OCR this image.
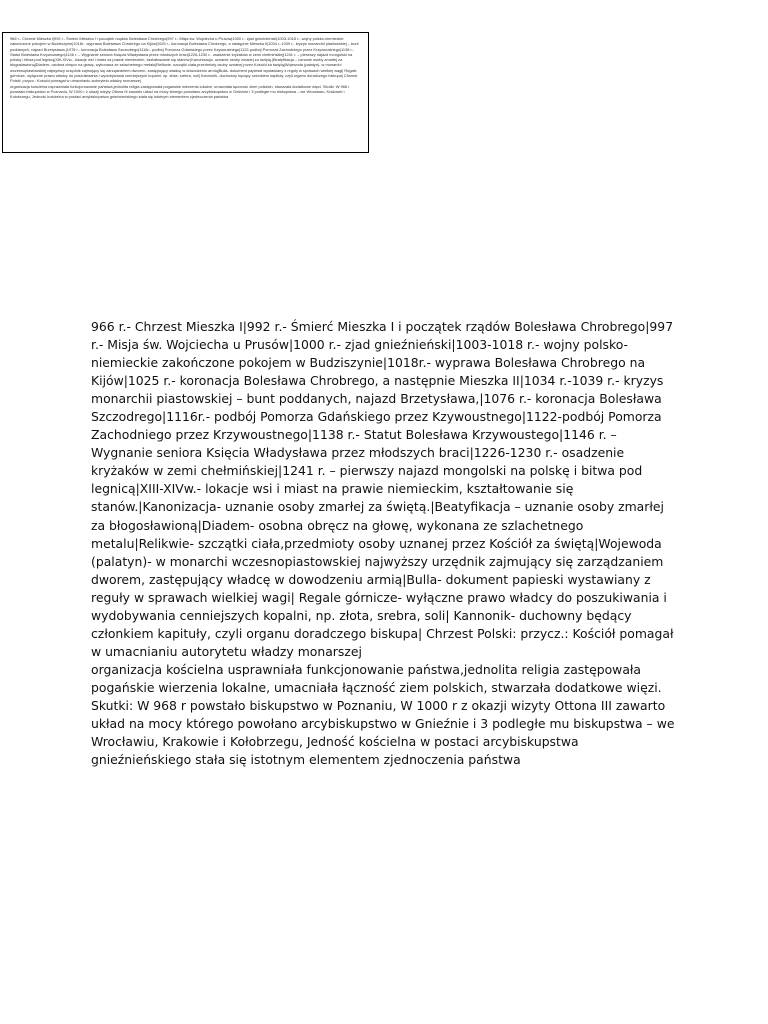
966 r.- Chrzest Mieszka I|992 r.- Śmierć Mieszka I i początek rządów Bolesława Chrobrego|997 r.- Misja św. Wojciecha u Prusów|1000 r.- zjad gnieźnieński|1003-1018 r.- wojny polsko-niemieckie zakończone pokojem w Budziszynie|1018r.- wyprawa Bolesława Chrobrego na Kijów|1025 r.- koronacja Bolesława Chrobrego, a następnie Mieszka II|1034 r.-1039 r.- kryzys monarchii piastowskiej – bunt poddanych, najazd Brzetysława,|1076 r.- koronacja Bolesława Szczodrego|1116r.- podbój Pomorza Gdańskiego przez Kzywoustnego|1122-podbój Pomorza Zachodniego przez Krzywoustnego|1138 r.- Statut Bolesława Krzywoustego|1146 r. – Wygnanie seniora Księcia Władysława przez młodszych braci|1226-1230 r.- osadzenie kryżaków w zemi chełmińskiej|1241 r. – pierwszy najazd mongolski na polskę i bitwa pod legnicą|XIII-XIVw.- lokacje wsi i miast na prawie niemieckim, kształtowanie się stanów.|Kanonizacja- uznanie osoby zmarłej za świętą.|Beatyfikacja – uznanie osoby zmarłej za błogosławioną|Diadem- osobna obręcz na głowę, wykonana ze szlachetnego metalu|Relikwie- szczątki ciała,przedmioty osoby uznanej przez Kościół za świętą|Wojewoda (palatyn)- w monarchi wczesnopiastowskiej najwyższy urzędnik zajmujący się zarządzaniem dworem, zastępujący władcę w dowodzeniu armią|Bulla- dokument papieski wystawiany z reguły w sprawach wielkiej wagi| Regale górnicze- wyłączne prawo władcy do poszukiwania i wydobywania cenniejszych kopalni, np. złota, srebra, soli| Kannonik- duchowny będący członkiem kapituły, czyli organu doradczego biskupa| Chrzest Polski: przycz.: Kościół pomagał w umacnianiu autorytetu władzy monarszej

organizacja kościelna usprawniała funkcjonowanie państwa,jednolita religia zastępowała pogańskie wierzenia lokalne, umacniała łączność ziem polskich, stwarzała dodatkowe więzi. Skutki: W 968 r powstało biskupstwo w Poznaniu, W 1000 r z okazji wizyty Ottona III zawarto układ na mocy którego powołano arcybiskupstwo w Gnieźnie i 3 podległe mu biskupstwa – we Wrocławiu, Krakowie i Kołobrzegu, Jedność kościelna w postaci arcybiskupstwa gnieźnieńskiego stała się istotnym elementem zjednoczenia państwa

966 r.- Chrzest Mieszka I|992 r.- Śmierć Mieszka I i początek rządów Bolesława Chrobrego|997 r.- Misja św. Wojciecha u Prusów|1000 r.- zjad gnieźnieński|1003-1018 r.- wojny polsko-niemieckie zakończone pokojem w Budziszynie|1018r.- wyprawa Bolesława Chrobrego na Kijów|1025 r.- koronacja Bolesława Chrobrego, a następnie Mieszka II|1034 r.-1039 r.- kryzys monarchii piastowskiej – bunt poddanych, najazd Brzetysława,|1076 r.- koronacja Bolesława Szczodrego|1116r.- podbój Pomorza Gdańskiego przez Kzywoustnego|1122-podbój Pomorza Zachodniego przez Krzywoustnego|1138 r.- Statut Bolesława Krzywoustego|1146 r. – Wygnanie seniora Księcia Władysława przez młodszych braci|1226-1230 r.- osadzenie kryżaków w zemi chełmińskiej|1241 r. – pierwszy najazd mongolski na polskę i bitwa pod legnicą|XIII-XIVw.- lokacje wsi i miast na prawie niemieckim, kształtowanie się stanów.|Kanonizacja- uznanie osoby zmarłej za świętą.|Beatyfikacja – uznanie osoby zmarłej za błogosławioną|Diadem- osobna obręcz na głowę, wykonana ze szlachetnego metalu|Relikwie- szczątki ciała,przedmioty osoby uznanej przez Kościół za świętą|Wojewoda (palatyn)- w monarchi wczesnopiastowskiej najwyższy urzędnik zajmujący się zarządzaniem dworem, zastępujący władcę w dowodzeniu armią|Bulla- dokument papieski wystawiany z reguły w sprawach wielkiej wagi| Regale górnicze- wyłączne prawo władcy do poszukiwania i wydobywania cenniejszych kopalni, np. złota, srebra, soli| Kannonik- duchowny będący członkiem kapituły, czyli organu doradczego biskupa| Chrzest Polski: przycz.: Kościół pomagał w umacnianiu autorytetu władzy monarszej

organizacja kościelna usprawniała funkcjonowanie państwa,jednolita religia zastępowała pogańskie wierzenia lokalne, umacniała łączność ziem polskich, stwarzała dodatkowe więzi. Skutki: W 968 r powstało biskupstwo w Poznaniu, W 1000 r z okazji wizyty Ottona III zawarto układ na mocy którego powołano arcybiskupstwo w Gnieźnie i 3 podległe mu biskupstwa – we Wrocławiu, Krakowie i Kołobrzegu, Jedność kościelna w postaci arcybiskupstwa gnieźnieńskiego stała się istotnym elementem zjednoczenia państwa
